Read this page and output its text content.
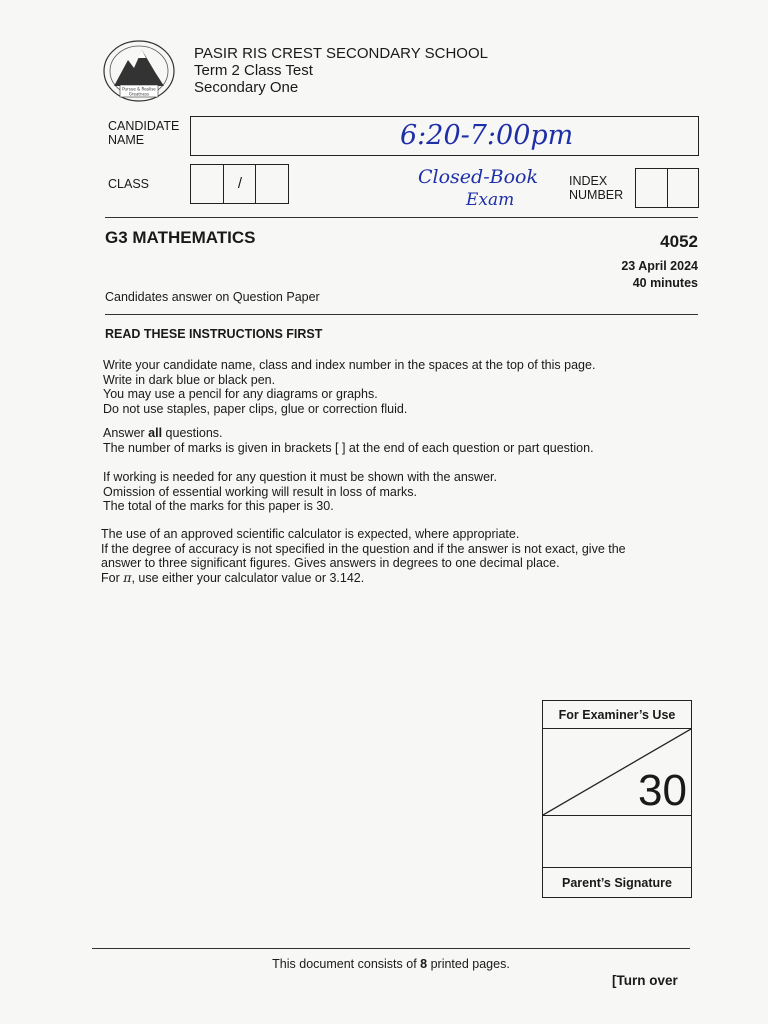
Pursue & Realise
Greatness
PASIR RIS CREST SECONDARY SCHOOL
Term 2 Class Test
Secondary One
CANDIDATE
NAME	6:20-7:00pm
CLASS	/	Closed-Book
Exam
INDEX
NUMBER
G3 MATHEMATICS	4052
23 April 2024
40 minutes
Candidates answer on Question Paper
READ THESE INSTRUCTIONS FIRST

Write your candidate name, class and index number in the spaces at the top of this page.

Write in dark blue or black pen.

You may use a pencil for any diagrams or graphs.

Do not use staples, paper clips, glue or correction fluid.

Answer all questions.

The number of marks is given in brackets [ ] at the end of each question or part question.

If working is needed for any question it must be shown with the answer.

Omission of essential working will result in loss of marks.

The total of the marks for this paper is 30.

The use of an approved scientific calculator is expected, where appropriate.

If the degree of accuracy is not specified in the question and if the answer is not exact, give the

answer to three significant figures. Gives answers in degrees to one decimal place.

For π, use either your calculator value or 3.142.

For Examiner’s Use
30
Parent’s Signature
This document consists of 8 printed pages.
[Turn over
